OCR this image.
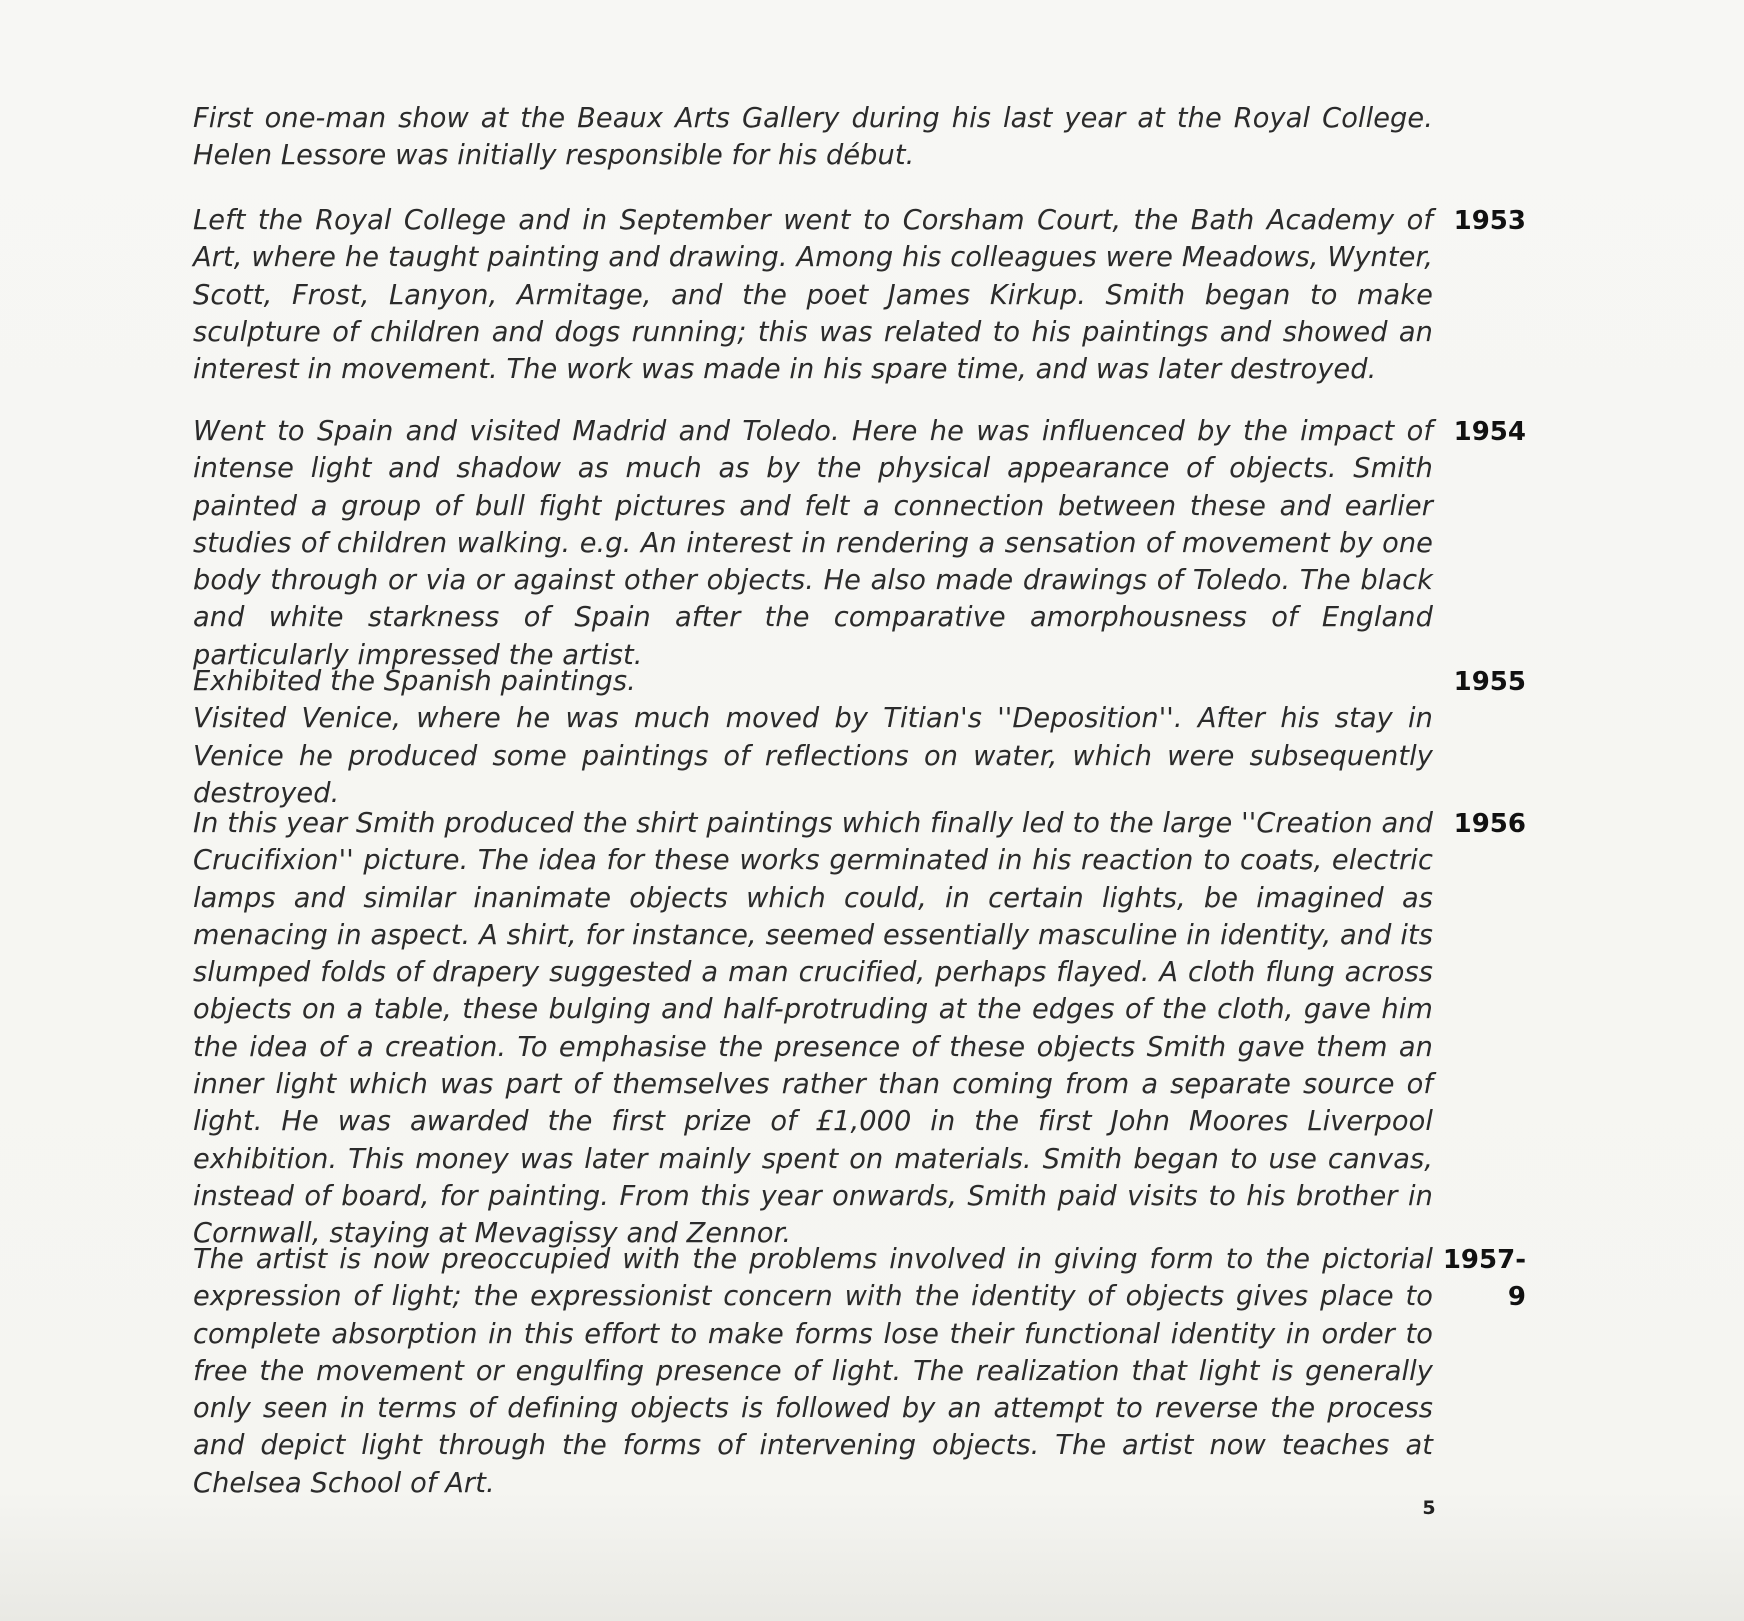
First one-man show at the Beaux Arts Gallery during his last year at the Royal College. Helen Lessore was initially responsible for his début.

Left the Royal College and in September went to Corsham Court, the Bath Academy of Art, where he taught painting and drawing. Among his colleagues were Meadows, Wynter, Scott, Frost, Lanyon, Armitage, and the poet James Kirkup. Smith began to make sculpture of children and dogs running; this was related to his paintings and showed an interest in movement. The work was made in his spare time, and was later destroyed.

1953

Went to Spain and visited Madrid and Toledo. Here he was influenced by the impact of intense light and shadow as much as by the physical appearance of objects. Smith painted a group of bull fight pictures and felt a connection between these and earlier studies of children walking. e.g. An interest in rendering a sensation of movement by one body through or via or against other objects. He also made drawings of Toledo. The black and white starkness of Spain after the comparative amorphousness of England particularly impressed the artist.

1954

Exhibited the Spanish paintings.

Visited Venice, where he was much moved by Titian's ''Deposition''. After his stay in Venice he produced some paintings of reflections on water, which were subsequently destroyed.

1955

In this year Smith produced the shirt paintings which finally led to the large ''Creation and Crucifixion'' picture. The idea for these works germinated in his reaction to coats, electric lamps and similar inanimate objects which could, in certain lights, be imagined as menacing in aspect. A shirt, for instance, seemed essentially masculine in identity, and its slumped folds of drapery suggested a man crucified, perhaps flayed. A cloth flung across objects on a table, these bulging and half-protruding at the edges of the cloth, gave him the idea of a creation. To emphasise the presence of these objects Smith gave them an inner light which was part of themselves rather than coming from a separate source of light. He was awarded the first prize of £1,000 in the first John Moores Liverpool exhibition. This money was later mainly spent on materials. Smith began to use canvas, instead of board, for painting. From this year onwards, Smith paid visits to his brother in Cornwall, staying at Mevagissy and Zennor.

1956

The artist is now preoccupied with the problems involved in giving form to the pictorial expression of light; the expressionist concern with the identity of objects gives place to complete absorption in this effort to make forms lose their functional identity in order to free the movement or engulfing presence of light. The realization that light is generally only seen in terms of defining objects is followed by an attempt to reverse the process and depict light through the forms of intervening objects. The artist now teaches at Chelsea School of Art.

1957-9
5
